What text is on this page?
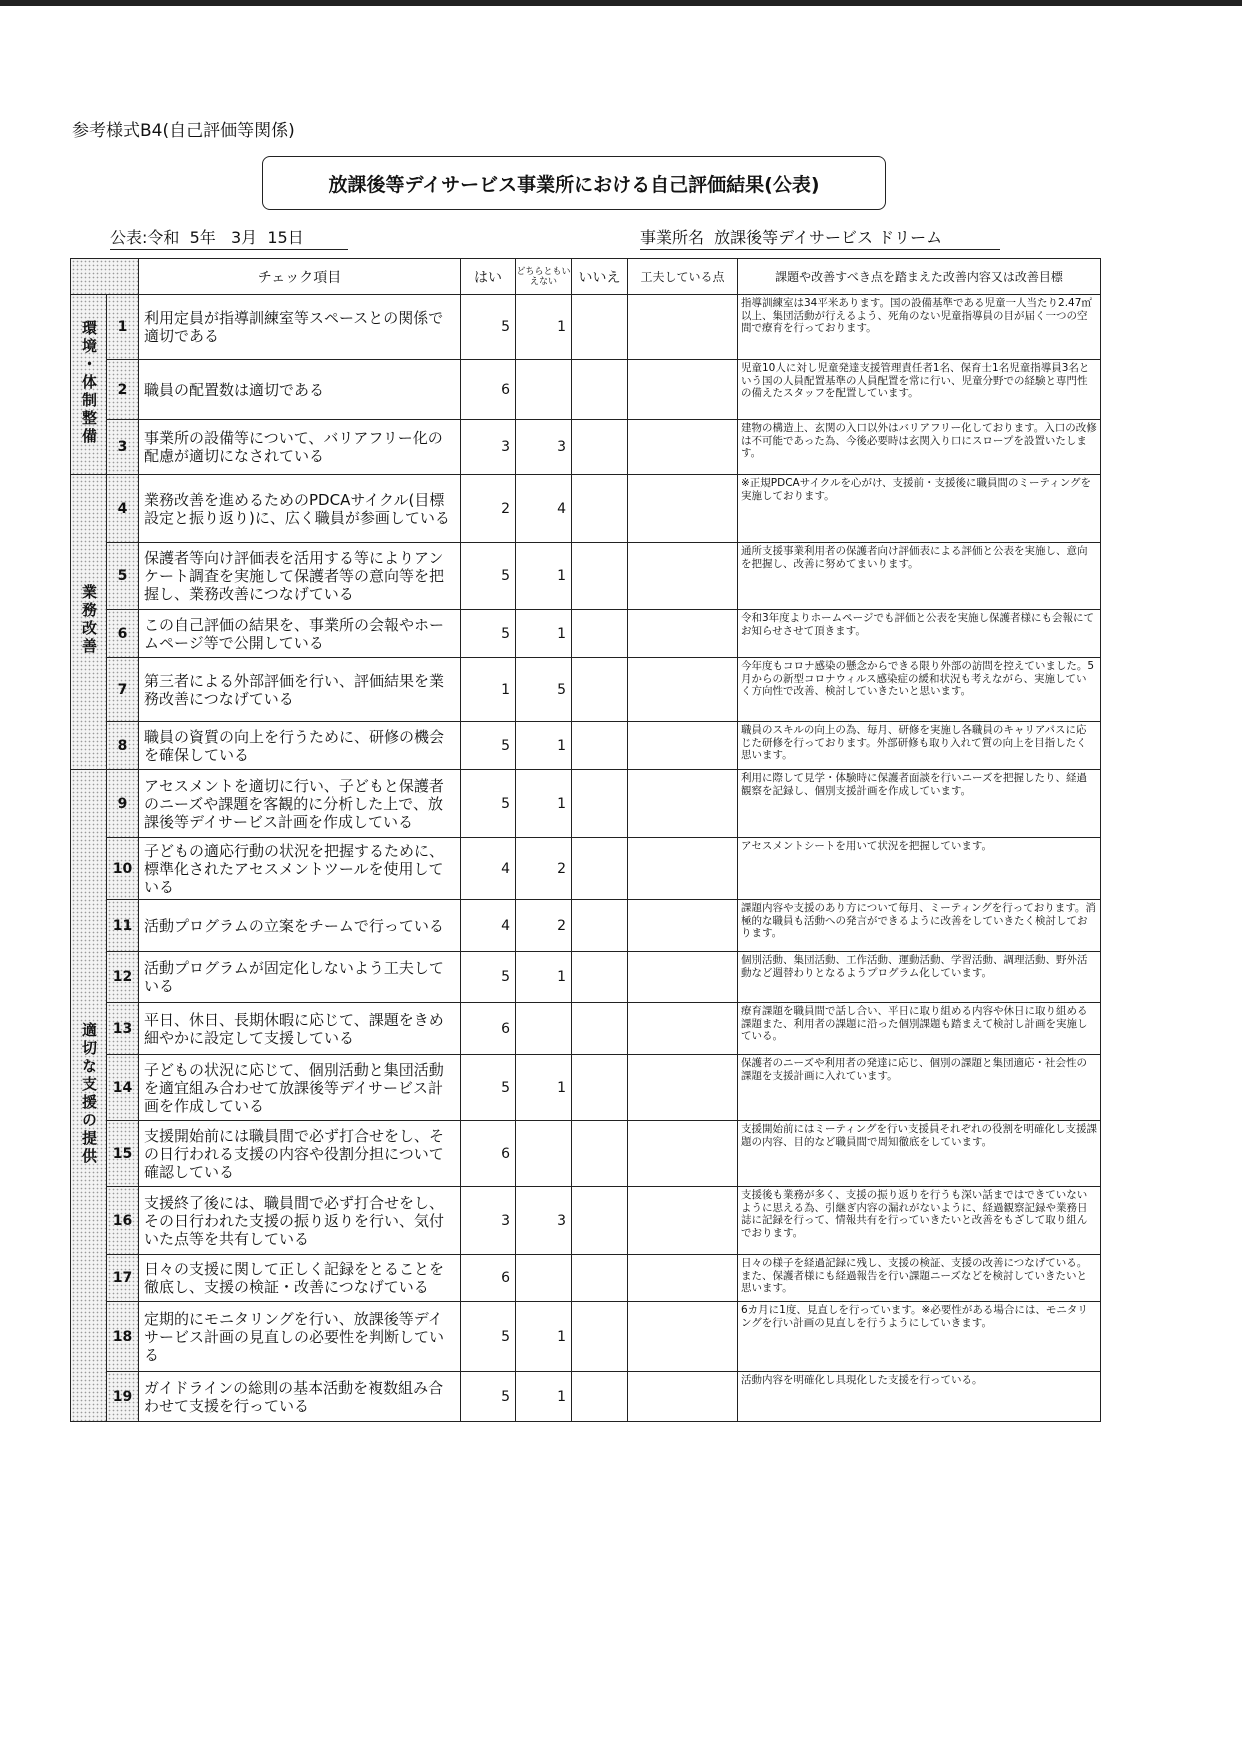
参考様式B4(自己評価等関係)
放課後等デイサービス事業所における自己評価結果(公表)
公表:令和  5年   3月  15日	事業所名  放課後等デイサービス ドリーム
		チェック項目	はい	どちらともいえない	いいえ	工夫している点	課題や改善すべき点を踏まえた改善内容又は改善目標
環境・体制整備	1	利用定員が指導訓練室等スペースとの関係で適切である	5	1			指導訓練室は34平米あります。国の設備基準である児童一人当たり2.47㎡以上、集団活動が行えるよう、死角のない児童指導員の目が届く一つの空間で療育を行っております。
	2	職員の配置数は適切である	6				児童10人に対し児童発達支援管理責任者1名、保育士1名児童指導員3名という国の人員配置基準の人員配置を常に行い、児童分野での経験と専門性の備えたスタッフを配置しています。
	3	事業所の設備等について、バリアフリー化の配慮が適切になされている	3	3			建物の構造上、玄関の入口以外はバリアフリー化しております。入口の改修は不可能であった為、今後必要時は玄関入り口にスロープを設置いたします。
業務改善	4	業務改善を進めるためのPDCAサイクル(目標設定と振り返り)に、広く職員が参画している	2	4			※正規PDCAサイクルを心がけ、支援前・支援後に職員間のミーティングを実施しております。
	5	保護者等向け評価表を活用する等によりアンケート調査を実施して保護者等の意向等を把握し、業務改善につなげている	5	1			通所支援事業利用者の保護者向け評価表による評価と公表を実施し、意向を把握し、改善に努めてまいります。
	6	この自己評価の結果を、事業所の会報やホームページ等で公開している	5	1			令和3年度よりホームページでも評価と公表を実施し保護者様にも会報にてお知らせさせて頂きます。
	7	第三者による外部評価を行い、評価結果を業務改善につなげている	1	5			今年度もコロナ感染の懸念からできる限り外部の訪問を控えていました。5月からの新型コロナウィルス感染症の緩和状況も考えながら、実施していく方向性で改善、検討していきたいと思います。
	8	職員の資質の向上を行うために、研修の機会を確保している	5	1			職員のスキルの向上の為、毎月、研修を実施し各職員のキャリアパスに応じた研修を行っております。外部研修も取り入れて質の向上を目指したく思います。
適切な支援の提供	9	アセスメントを適切に行い、子どもと保護者のニーズや課題を客観的に分析した上で、放課後等デイサービス計画を作成している	5	1			利用に際して見学・体験時に保護者面談を行いニーズを把握したり、経過観察を記録し、個別支援計画を作成しています。
	10	子どもの適応行動の状況を把握するために、標準化されたアセスメントツールを使用している	4	2			アセスメントシートを用いて状況を把握しています。
	11	活動プログラムの立案をチームで行っている	4	2			課題内容や支援のあり方について毎月、ミーティングを行っております。消極的な職員も活動への発言ができるように改善をしていきたく検討しております。
	12	活動プログラムが固定化しないよう工夫している	5	1			個別活動、集団活動、工作活動、運動活動、学習活動、調理活動、野外活動など週替わりとなるようプログラム化しています。
	13	平日、休日、長期休暇に応じて、課題をきめ細やかに設定して支援している	6				療育課題を職員間で話し合い、平日に取り組める内容や休日に取り組める課題また、利用者の課題に沿った個別課題も踏まえて検討し計画を実施している。
	14	子どもの状況に応じて、個別活動と集団活動を適宜組み合わせて放課後等デイサービス計画を作成している	5	1			保護者のニーズや利用者の発達に応じ、個別の課題と集団適応・社会性の課題を支援計画に入れています。
	15	支援開始前には職員間で必ず打合せをし、その日行われる支援の内容や役割分担について確認している	6				支援開始前にはミーティングを行い支援員それぞれの役割を明確化し支援課題の内容、目的など職員間で周知徹底をしています。
	16	支援終了後には、職員間で必ず打合せをし、その日行われた支援の振り返りを行い、気付いた点等を共有している	3	3			支援後も業務が多く、支援の振り返りを行うも深い話まではできていないように思える為、引継ぎ内容の漏れがないように、経過観察記録や業務日誌に記録を行って、情報共有を行っていきたいと改善をもざして取り組んでおります。
	17	日々の支援に関して正しく記録をとることを徹底し、支援の検証・改善につなげている	6				日々の様子を経過記録に残し、支援の検証、支援の改善につなげている。また、保護者様にも経過報告を行い課題ニーズなどを検討していきたいと思います。
	18	定期的にモニタリングを行い、放課後等デイサービス計画の見直しの必要性を判断している	5	1			6カ月に1度、見直しを行っています。※必要性がある場合には、モニタリングを行い計画の見直しを行うようにしていきます。
	19	ガイドラインの総則の基本活動を複数組み合わせて支援を行っている	5	1			活動内容を明確化し具現化した支援を行っている。
